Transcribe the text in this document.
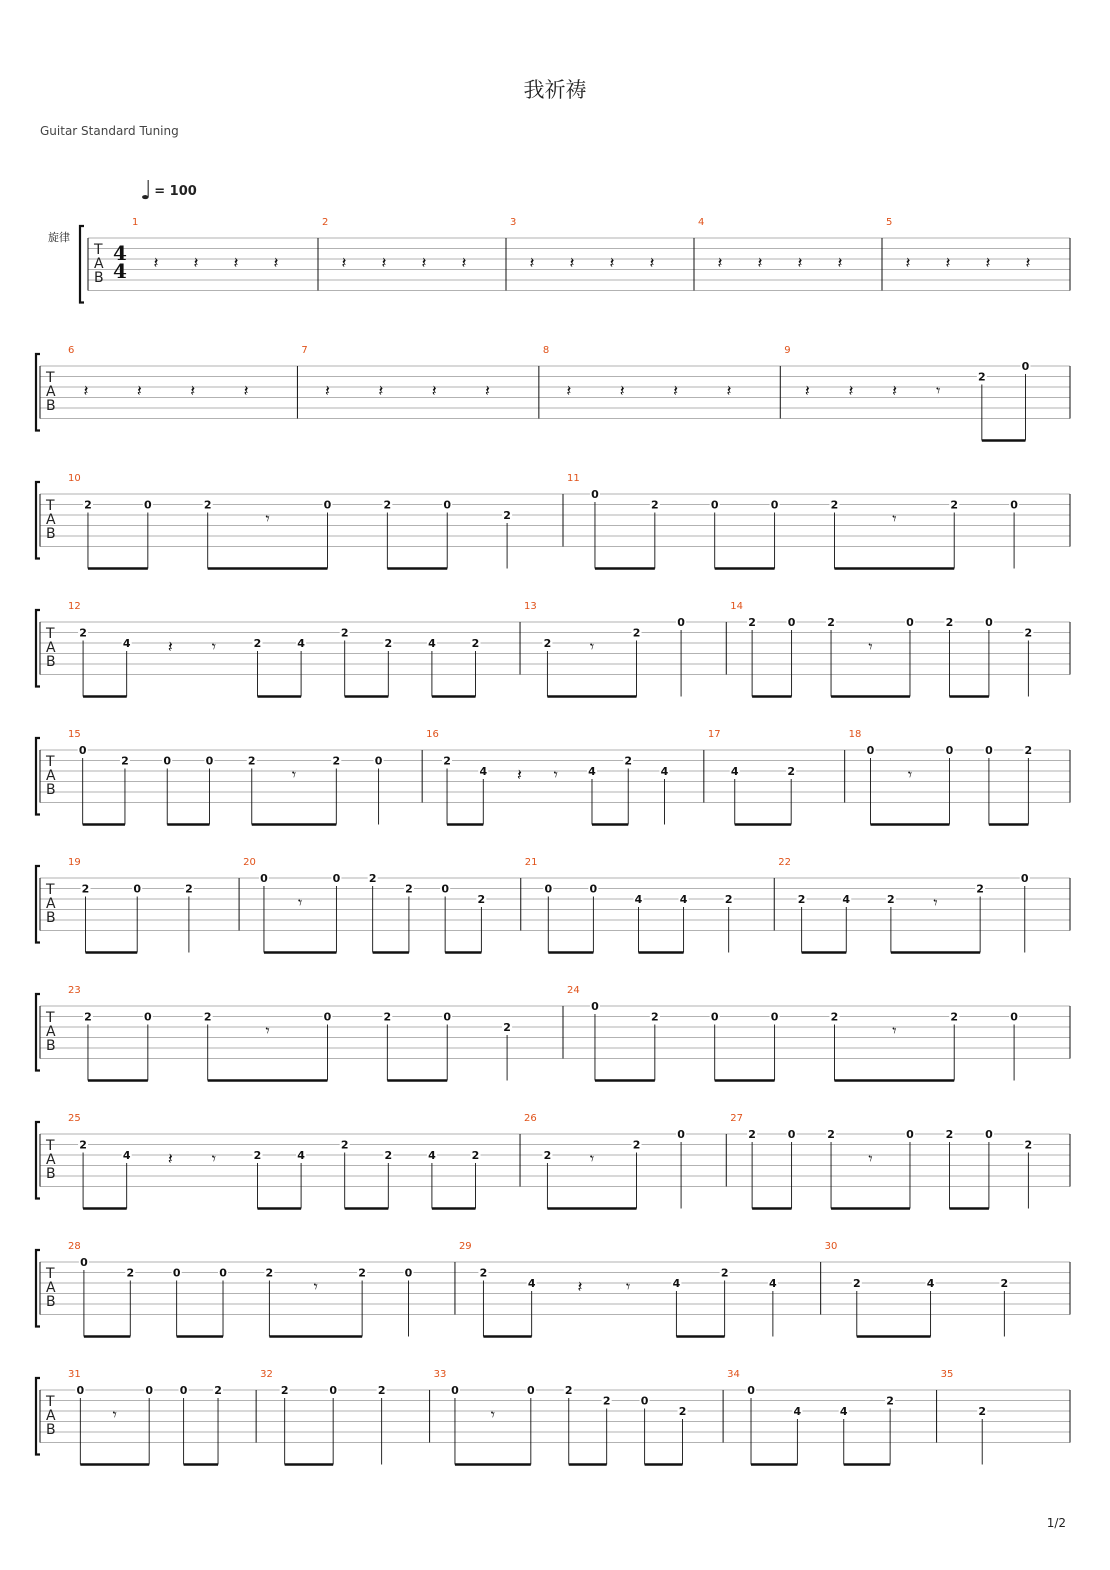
我祈祷
Guitar Standard Tuning
♩ = 100
旋律
1/2
T
A
B
4
4
1
𝄽 𝄽 𝄽 𝄽
2
𝄽 𝄽 𝄽 𝄽
3
𝄽 𝄽 𝄽 𝄽
4
𝄽 𝄽 𝄽 𝄽
5
𝄽 𝄽 𝄽 𝄽
T
A
B
6
𝄽	𝄽	𝄽	𝄽
7
𝄽	𝄽	𝄽	𝄽
8
𝄽	𝄽	𝄽	𝄽
9
𝄽 𝄽 𝄽 𝄾
2
0
T
A
B
10
2	0	2
𝄾
0	2	0
2
11
0
2	0	0	2
𝄾
2	0
T
A
B
12
2
4 𝄽 𝄾	2	4
2
2	4	2
13
2 𝄾
2
0
14
2	0	2
𝄾
0	2	0
2
T
A
B
15
0
2	0	0	2
𝄾
2	0
16
2
4 𝄽 𝄾	4
2
4
17
4	2
18
0
𝄾
0	0	2
T
A
B
19
2	0	2
20
0
𝄾
0	2
2	0
2
21
0	0
4	4	2
22
2	4	2 𝄾
2
0
T
A
B
23
2	0	2
𝄾
0	2	0
2
24
0
2	0	0	2
𝄾
2	0
T
A
B
25
2
4 𝄽 𝄾	2	4
2
2	4	2
26
2 𝄾
2
0
27
2	0	2
𝄾
0	2	0
2
T
A
B
28
0
2	0	0	2
𝄾
2	0
29
2
4	𝄽	𝄾	4
2
4
30
2	4	2
T
A
B
31
0
𝄾
0 0 2
32
2	0	2
33
0
𝄾
0	2
2	0
2
34
0
4	4
2
35
2
